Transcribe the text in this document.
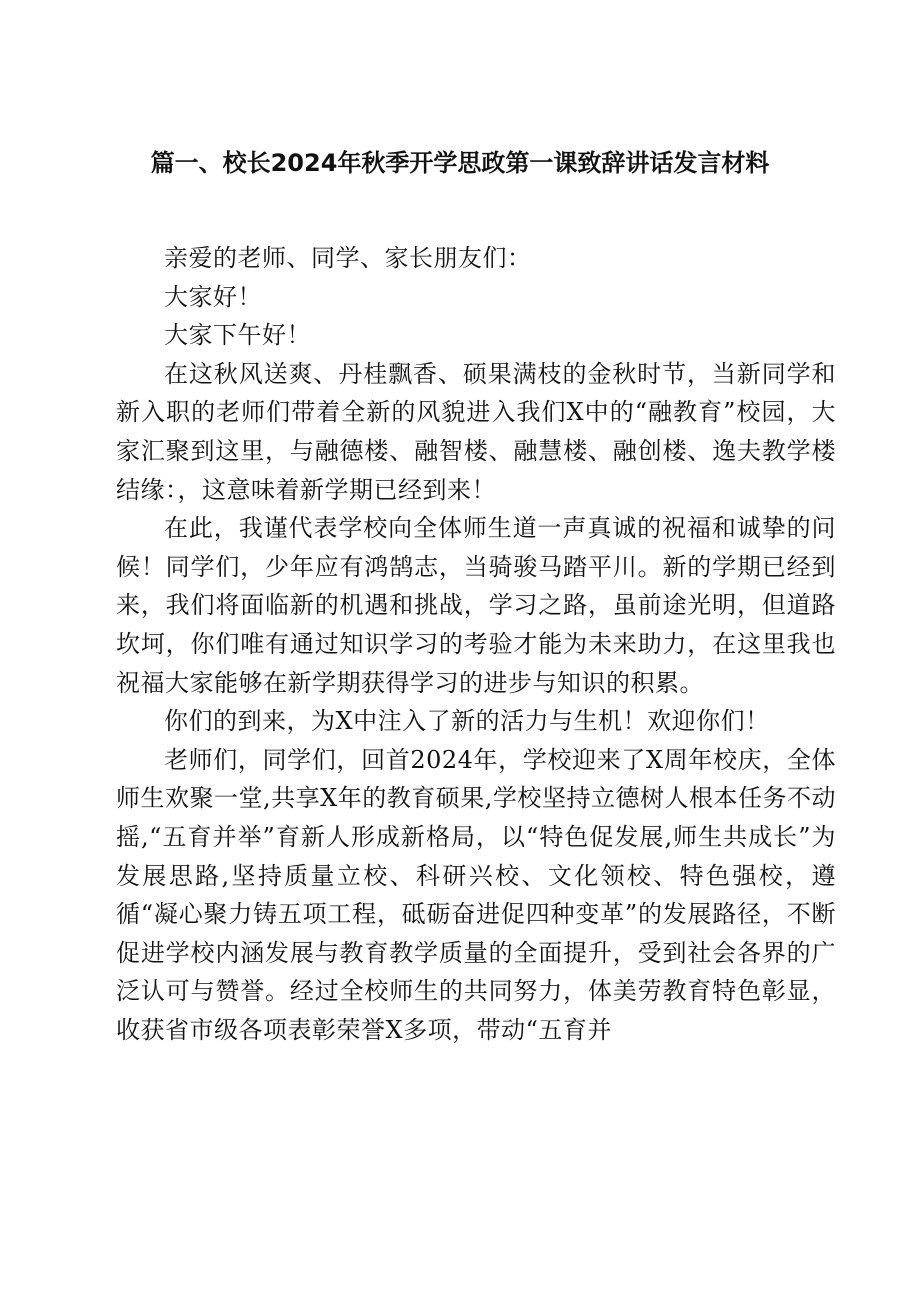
篇一、校长2024年秋季开学思政第一课致辞讲话发言材料

亲爱的老师、同学、家长朋友们：

大家好！

大家下午好！

在这秋风送爽、丹桂飘香、硕果满枝的金秋时节，当新同学和新入职的老师们带着全新的风貌进入我们X中的“融教育”校园，大家汇聚到这里，与融德楼、融智楼、融慧楼、融创楼、逸夫教学楼结缘：，这意味着新学期已经到来！

在此，我谨代表学校向全体师生道一声真诚的祝福和诚挚的问候！同学们，少年应有鸿鹄志，当骑骏马踏平川。新的学期已经到来，我们将面临新的机遇和挑战，学习之路，虽前途光明，但道路坎坷，你们唯有通过知识学习的考验才能为未来助力，在这里我也祝福大家能够在新学期获得学习的进步与知识的积累。

你们的到来，为X中注入了新的活力与生机！欢迎你们！

老师们，同学们，回首2024年，学校迎来了X周年校庆，全体师生欢聚一堂,共享X年的教育硕果,学校坚持立德树人根本任务不动摇,“五育并举”育新人形成新格局，以“特色促发展,师生共成长”为发展思路,坚持质量立校、科研兴校、文化领校、特色强校，遵循“凝心聚力铸五项工程，砥砺奋进促四种变革”的发展路径，不断促进学校内涵发展与教育教学质量的全面提升，受到社会各界的广泛认可与赞誉。经过全校师生的共同努力，体美劳教育特色彰显，收获省市级各项表彰荣誉X多项，带动“五育并
